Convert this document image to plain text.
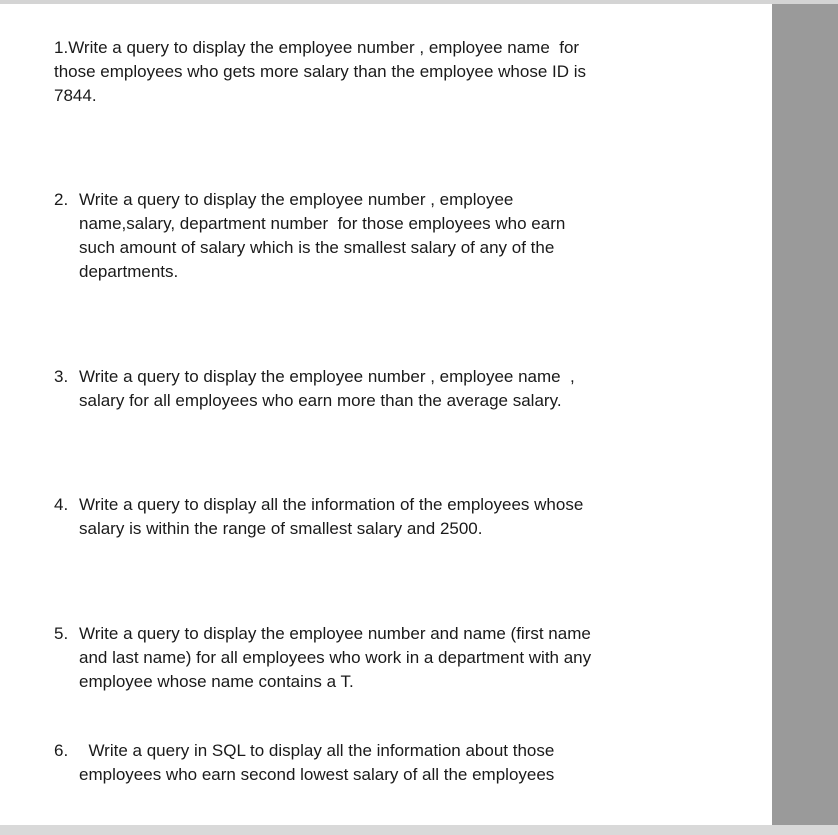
1.Write a query to display the employee number , employee name  for
those employees who gets more salary than the employee whose ID is
7844.

2. Write a query to display the employee number , employee
name,salary, department number  for those employees who earn
such amount of salary which is the smallest salary of any of the
departments.

3. Write a query to display the employee number , employee name  ,
salary for all employees who earn more than the average salary.

4. Write a query to display all the information of the employees whose
salary is within the range of smallest salary and 2500.

5. Write a query to display the employee number and name (first name
and last name) for all employees who work in a department with any
employee whose name contains a T.

6.  Write a query in SQL to display all the information about those
employees who earn second lowest salary of all the employees
